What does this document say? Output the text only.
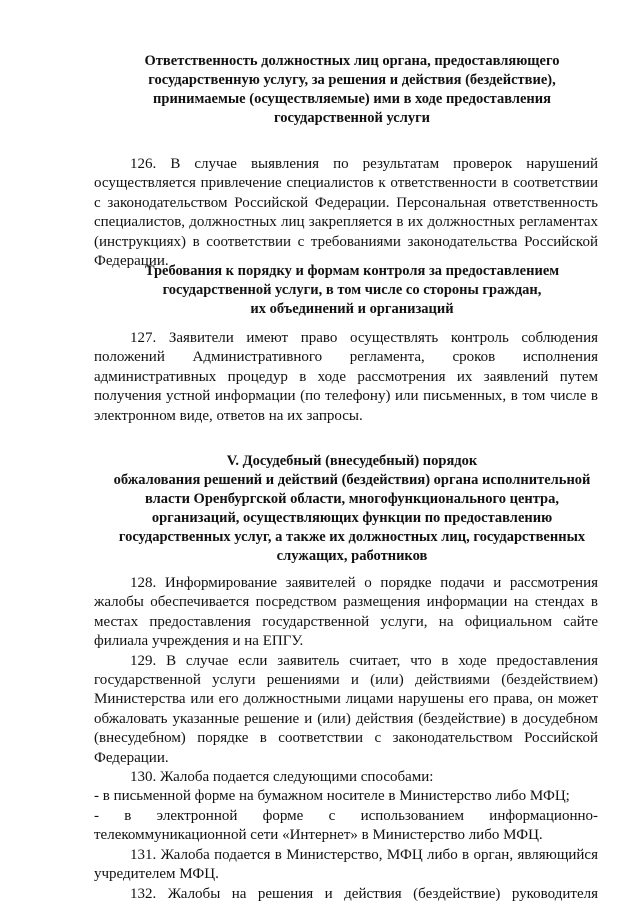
Ответственность должностных лиц органа, предоставляющего
государственную услугу, за решения и действия (бездействие),
принимаемые (осуществляемые) ими в ходе предоставления
государственной услуги

126. В случае выявления по результатам проверок нарушений осуществляется привлечение специалистов к ответственности в соответствии с законодательством Российской Федерации. Персональная ответственность специалистов, должностных лиц закрепляется в их должностных регламентах (инструкциях) в соответствии с требованиями законодательства Российской Федерации.

Требования к порядку и формам контроля за предоставлением
государственной услуги, в том числе со стороны граждан,
их объединений и организаций

127. Заявители имеют право осуществлять контроль соблюдения положений Административного регламента, сроков исполнения административных процедур в ходе рассмотрения их заявлений путем получения устной информации (по телефону) или письменных, в том числе в электронном виде, ответов на их запросы.

V. Досудебный (внесудебный) порядок
обжалования решений и действий (бездействия) органа исполнительной
власти Оренбургской области, многофункционального центра,
организаций, осуществляющих функции по предоставлению
государственных услуг, а также их должностных лиц, государственных
служащих, работников

128. Информирование заявителей о порядке подачи и рассмотрения жалобы обеспечивается посредством размещения информации на стендах в местах предоставления государственной услуги, на официальном сайте филиала учреждения и на ЕПГУ.

129. В случае если заявитель считает, что в ходе предоставления государственной услуги решениями и (или) действиями (бездействием) Министерства или его должностными лицами нарушены его права, он может обжаловать указанные решение и (или) действия (бездействие) в досудебном (внесудебном) порядке в соответствии с законодательством Российской Федерации.

130. Жалоба подается следующими способами:

- в письменной форме на бумажном носителе в Министерство либо МФЦ;

- в электронной форме с использованием информационно-телекоммуникационной сети «Интернет» в Министерство либо МФЦ.

131. Жалоба подается в Министерство, МФЦ либо в орган, являющийся учредителем МФЦ.

132. Жалобы на решения и действия (бездействие) руководителя
